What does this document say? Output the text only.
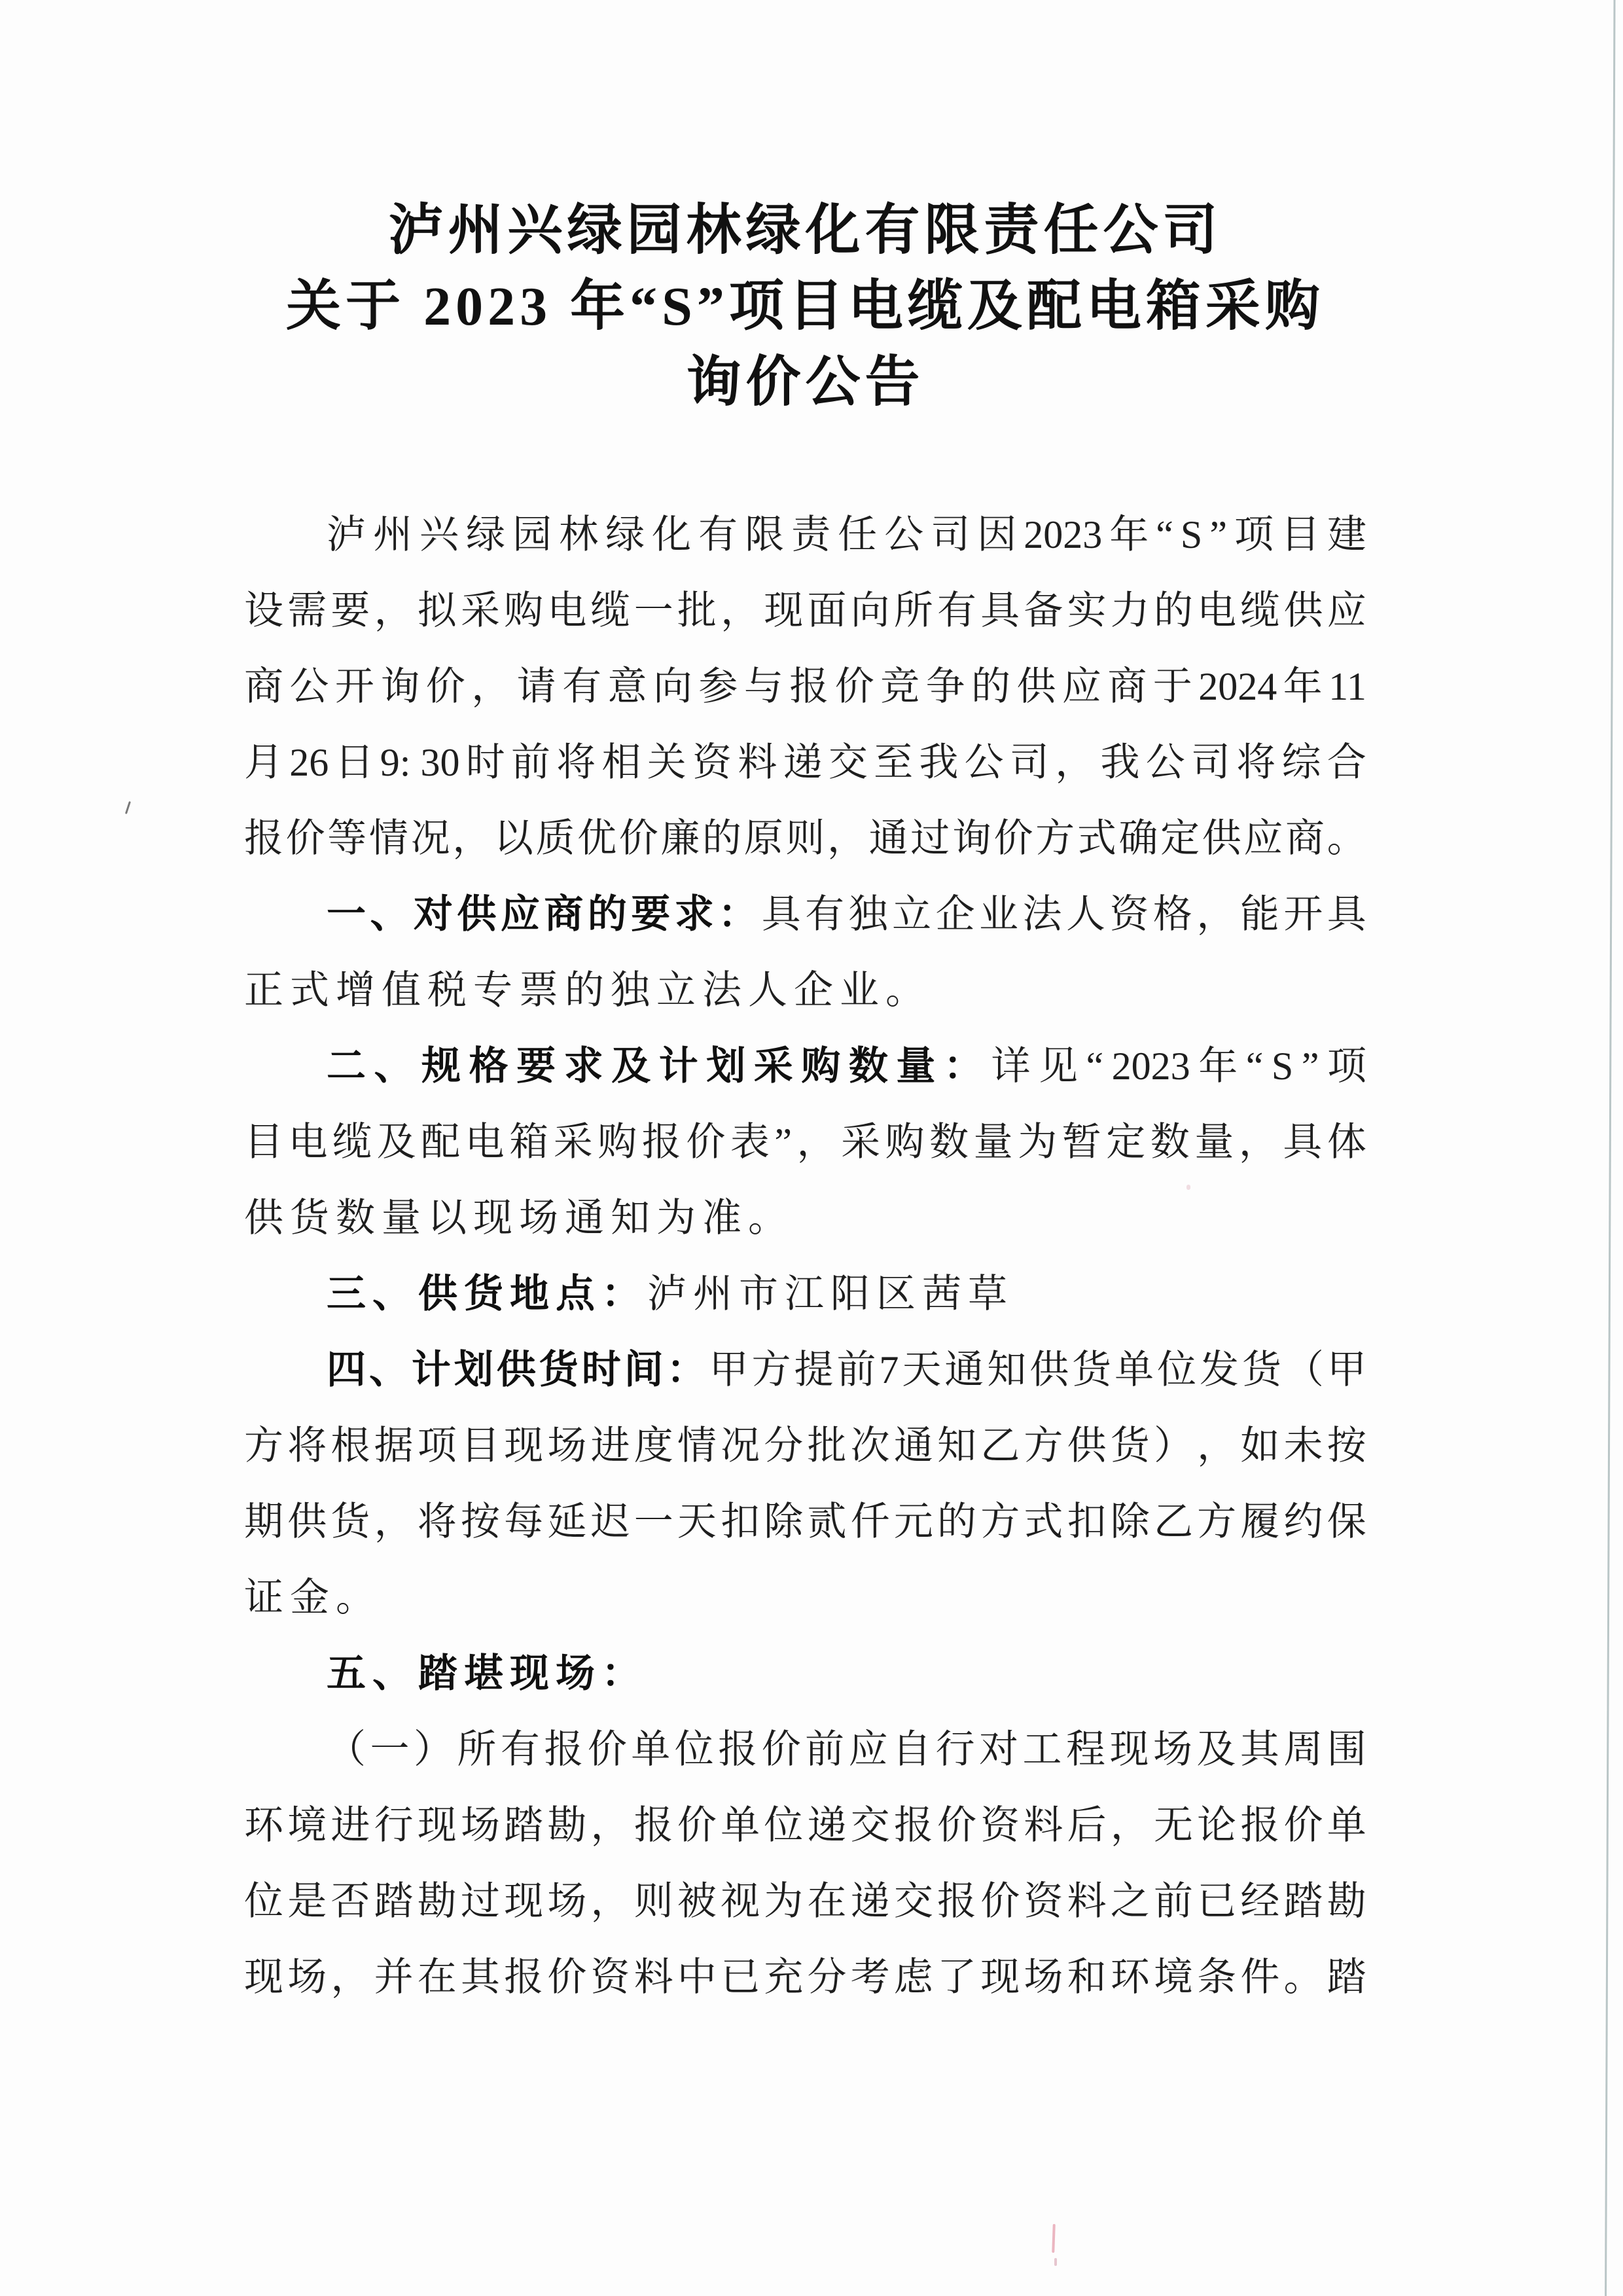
泸州兴绿园林绿化有限责任公司
关于 2023 年“S”项目电缆及配电箱采购
询价公告
泸 州 兴 绿 园 林 绿 化 有 限 责 任 公 司 因 2023 年 “ S ” 项 目 建
设 需 要 ， 拟 采 购 电 缆 一 批 ， 现 面 向 所 有 具 备 实 力 的 电 缆 供 应
商 公 开 询 价 ， 请 有 意 向 参 与 报 价 竞 争 的 供 应 商 于 2024 年 11
月 26 日 9: 30 时 前 将 相 关 资 料 递 交 至 我 公 司 ， 我 公 司 将 综 合
报 价 等 情 况 ， 以 质 优 价 廉 的 原 则 ， 通 过 询 价 方 式 确 定 供 应 商 。
一 、 对 供 应 商 的 要 求 ： 具 有 独 立 企 业 法 人 资 格 ， 能 开 具
正式增值税专票的独立法人企业。
二 、 规 格 要 求 及 计 划 采 购 数 量 ： 详 见 “ 2023 年 “ S ” 项
目 电 缆 及 配 电 箱 采 购 报 价 表 ” ， 采 购 数 量 为 暂 定 数 量 ， 具 体
供货数量以现场通知为准。
三、供货地点：泸州市江阳区茜草
四 、 计 划 供 货 时 间 ： 甲 方 提 前 7 天 通 知 供 货 单 位 发 货 （ 甲
方 将 根 据 项 目 现 场 进 度 情 况 分 批 次 通 知 乙 方 供 货 ） ， 如 未 按
期 供 货 ， 将 按 每 延 迟 一 天 扣 除 贰 仟 元 的 方 式 扣 除 乙 方 履 约 保
证金。
五、踏堪现场：
（ 一 ） 所 有 报 价 单 位 报 价 前 应 自 行 对 工 程 现 场 及 其 周 围
环 境 进 行 现 场 踏 勘 ， 报 价 单 位 递 交 报 价 资 料 后 ， 无 论 报 价 单
位 是 否 踏 勘 过 现 场 ， 则 被 视 为 在 递 交 报 价 资 料 之 前 已 经 踏 勘
现 场 ， 并 在 其 报 价 资 料 中 已 充 分 考 虑 了 现 场 和 环 境 条 件 。 踏
